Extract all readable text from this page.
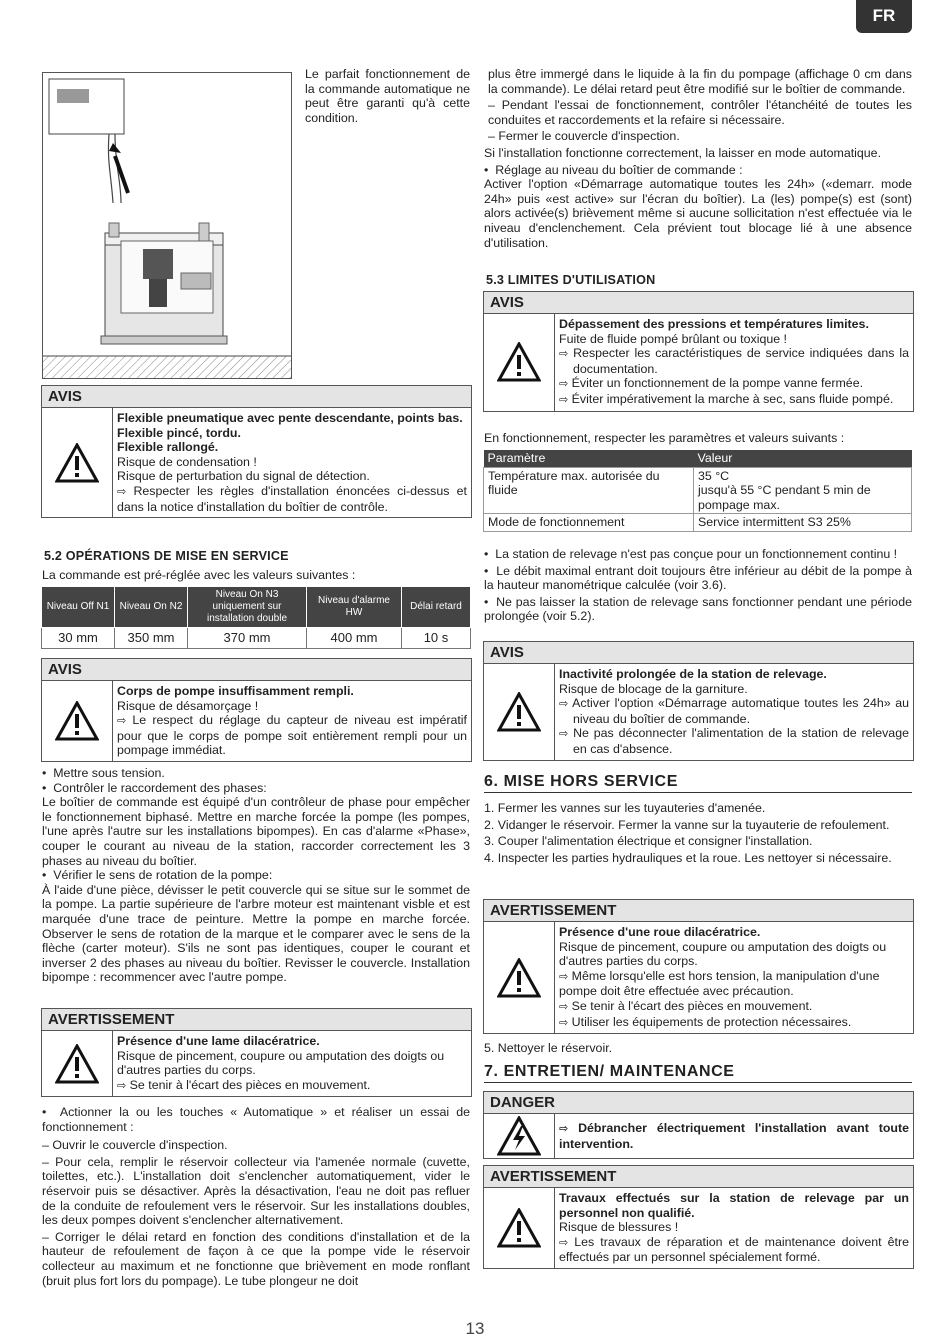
FR

Le parfait fonctionnement de la commande automatique ne peut être garanti qu'à cette condition.

AVIS
Flexible pneumatique avec pente descendante, points bas.
Flexible pincé, tordu.
Flexible rallongé.

Risque de condensation !

Risque de perturbation du signal de détection.

⇨ Respecter les règles d'installation énoncées ci-dessus et dans la notice d'installation du boîtier de contrôle.

5.2 OPÉRATIONS DE MISE EN SERVICE

La commande est pré-réglée avec les valeurs suivantes :

Niveau Off N1	Niveau On N2	Niveau On N3 uniquement sur installation double	Niveau d'alarme HW	Délai retard
30 mm	350 mm	370 mm	400 mm	10 s
AVIS
Corps de pompe insuffisamment rempli.

Risque de désamorçage !

⇨ Le respect du réglage du capteur de niveau est impératif pour que le corps de pompe soit entièrement rempli pour un pompage immédiat.

•  Mettre sous tension.

•  Contrôler le raccordement des phases:

Le boîtier de commande est équipé d'un contrôleur de phase pour empêcher le fonctionnement biphasé. Mettre en marche forcée la pompe (les pompes, l'une après l'autre sur les installations bipompes). En cas d'alarme «Phase», couper le courant au niveau de la station, raccorder correctement les 3 phases au niveau du boîtier.

•  Vérifier le sens de rotation de la pompe:

À l'aide d'une pièce, dévisser le petit couvercle qui se situe sur le sommet de la pompe. La partie supérieure de l'arbre moteur est maintenant visble et est marquée d'une trace de peinture. Mettre la pompe en marche forcée. Observer le sens de rotation de la marque et le comparer avec le sens de la flèche (carter moteur). S'ils ne sont pas identiques, couper le courant et inverser 2 des phases au niveau du boîtier. Revisser le couvercle. Installation bipompe : recommencer avec l'autre pompe.

AVERTISSEMENT
Présence d'une lame dilacératrice.

Risque de pincement, coupure ou amputation des doigts ou d'autres parties du corps.

⇨ Se tenir à l'écart des pièces en mouvement.

•  Actionner la ou les touches « Automatique » et réaliser un essai de fonctionnement :

– Ouvrir le couvercle d'inspection.

– Pour cela, remplir le réservoir collecteur via l'amenée normale (cuvette, toilettes, etc.). L'installation doit s'enclencher automatiquement, vider le réservoir puis se désactiver. Après la désactivation, l'eau ne doit pas refluer de la conduite de refoulement vers le réservoir. Sur les installations doubles, les deux pompes doivent s'enclencher alternativement.

– Corriger le délai retard en fonction des conditions d'installation et de la hauteur de refoulement de façon à ce que la pompe vide le réservoir collecteur au maximum et ne fonctionne que brièvement en mode ronflant (bruit plus fort lors du pompage). Le tube plongeur ne doit

plus être immergé dans le liquide à la fin du pompage (affichage 0 cm dans la commande). Le délai retard peut être modifié sur le boîtier de commande.

– Pendant l'essai de fonctionnement, contrôler l'étanchéité de toutes les conduites et raccordements et la refaire si nécessaire.

– Fermer le couvercle d'inspection.

Si l'installation fonctionne correctement, la laisser en mode automatique.

•  Réglage au niveau du boîtier de commande :

Activer l'option «Démarrage automatique toutes les 24h» («demarr. mode 24h» puis «est active» sur l'écran du boîtier). La (les) pompe(s) est (sont) alors activée(s) brièvement même si aucune sollicitation n'est effectuée via le niveau d'enclenchement. Cela prévient tout blocage lié à une absence d'utilisation.

5.3 LIMITES D'UTILISATION
AVIS
Dépassement des pressions et températures limites.

Fuite de fluide pompé brûlant ou toxique !

⇨ Respecter les caractéristiques de service indiquées dans la documentation.

⇨ Éviter un fonctionnement de la pompe vanne fermée.

⇨ Éviter impérativement la marche à sec, sans fluide pompé.

En fonctionnement, respecter les paramètres et valeurs suivants :

Paramètre	Valeur
Température max. autorisée du fluide	35 °C
jusqu'à 55 °C pendant 5 min de pompage max.
Mode de fonctionnement	Service intermittent S3 25%

•  La station de relevage n'est pas conçue pour un fonctionnement continu !

•  Le débit maximal entrant doit toujours être inférieur au débit de la pompe à la hauteur manométrique calculée (voir 3.6).

•  Ne pas laisser la station de relevage sans fonctionner pendant une période prolongée (voir 5.2).

AVIS
Inactivité prolongée de la station de relevage.

Risque de blocage de la garniture.

⇨ Activer l'option «Démarrage automatique toutes les 24h» au niveau du boîtier de commande.

⇨ Ne pas déconnecter l'alimentation de la station de relevage en cas d'absence.

6. MISE HORS SERVICE

1. Fermer les vannes sur les tuyauteries d'amenée.

2. Vidanger le réservoir. Fermer la vanne sur la tuyauterie de refoulement.

3. Couper l'alimentation électrique et consigner l'installation.

4. Inspecter les parties hydrauliques et la roue. Les nettoyer si nécessaire.

AVERTISSEMENT
Présence d'une roue dilacératrice.

Risque de pincement, coupure ou amputation des doigts ou d'autres parties du corps.

⇨ Même lorsqu'elle est hors tension, la manipulation d'une pompe doit être effectuée avec précaution.

⇨ Se tenir à l'écart des pièces en mouvement.

⇨ Utiliser les équipements de protection nécessaires.

5. Nettoyer le réservoir.

7. ENTRETIEN/ MAINTENANCE
DANGER

⇨ Débrancher électriquement l'installation avant toute intervention.

AVERTISSEMENT
Travaux effectués sur la station de relevage par un personnel non qualifié.

Risque de blessures !

⇨ Les travaux de réparation et de maintenance doivent être effectués par un personnel spécialement formé.

13
